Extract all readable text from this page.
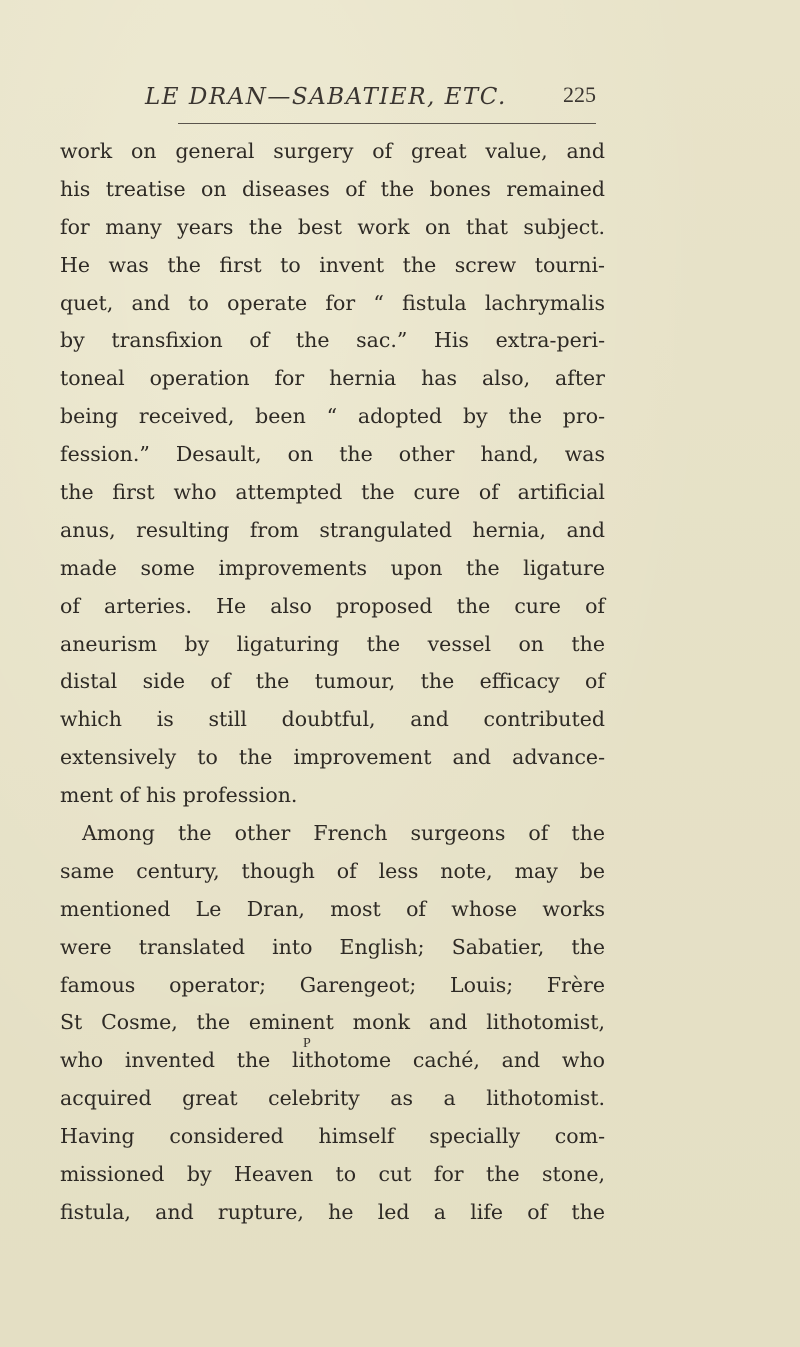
LE DRAN—SABATIER, ETC.	225
work on general surgery of great value, and
his treatise on diseases of the bones remained
for many years the best work on that subject.
He was the first to invent the screw tourni-
quet, and to operate for “ fistula lachrymalis
by transfixion of the sac.” His extra-peri-
toneal operation for hernia has also, after
being received, been “ adopted by the pro-
fession.” Desault, on the other hand, was
the first who attempted the cure of artificial
anus, resulting from strangulated hernia, and
made some improvements upon the ligature
of arteries. He also proposed the cure of
aneurism by ligaturing the vessel on the
distal side of the tumour, the efficacy of
which is still doubtful, and contributed
extensively to the improvement and advance-
ment of his profession.
Among the other French surgeons of the
same century, though of less note, may be
mentioned Le Dran, most of whose works
were translated into English; Sabatier, the
famous operator; Garengeot; Louis; Frère
St Cosme, the eminent monk and lithotomist,
who invented the lithotome caché, and who
acquired great celebrity as a lithotomist.
Having considered himself specially com-
missioned by Heaven to cut for the stone,
fistula, and rupture, he led a life of the
P
